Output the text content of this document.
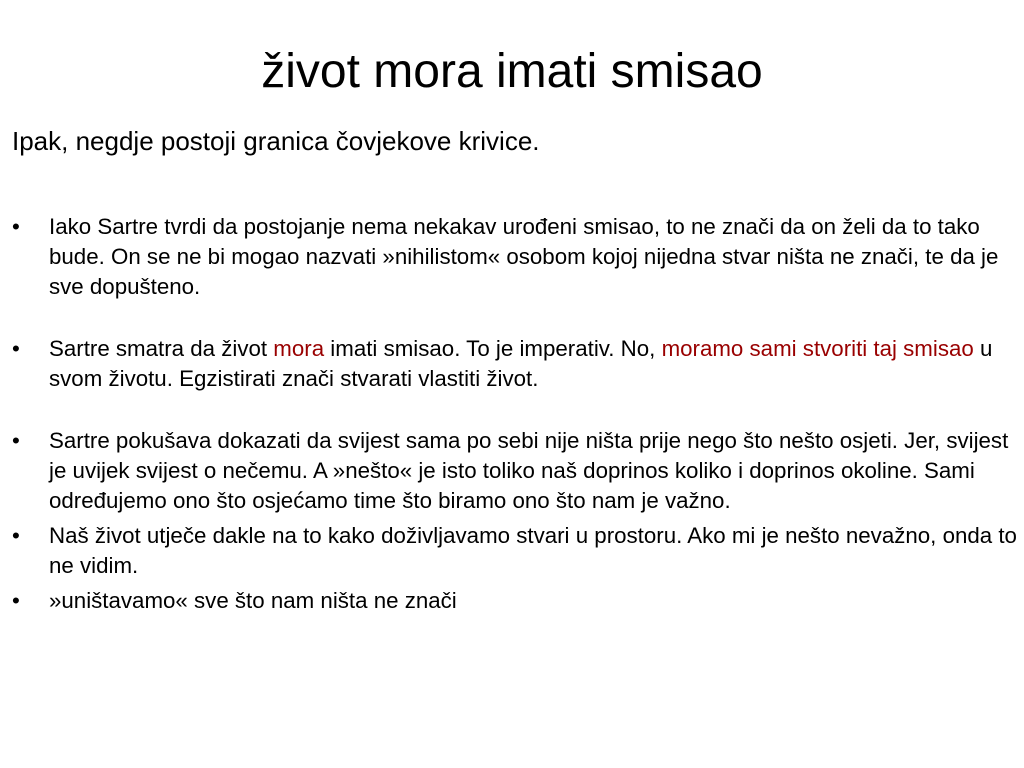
život mora imati smisao
Ipak, negdje postoji granica čovjekove krivice.
•	Iako Sartre tvrdi da postojanje nema nekakav urođeni smisao, to ne znači da on želi da to tako bude. On se ne bi mogao nazvati »nihilistom« osobom kojoj nijedna stvar ništa ne znači, te da je sve dopušteno.
•	Sartre smatra da život mora imati smisao. To je imperativ. No, moramo sami stvoriti taj smisao u svom životu. Egzistirati znači stvarati vlastiti život.
•	Sartre pokušava dokazati da svijest sama po sebi nije ništa prije nego što nešto osjeti. Jer, svijest je uvijek svijest o nečemu. A »nešto« je isto toliko naš doprinos koliko i doprinos okoline. Sami određujemo ono što osjećamo time što biramo ono što nam je važno.
•	Naš život utječe dakle na to kako doživljavamo stvari u prostoru. Ako mi je nešto nevažno, onda to ne vidim.
•	»uništavamo« sve što nam ništa ne znači
